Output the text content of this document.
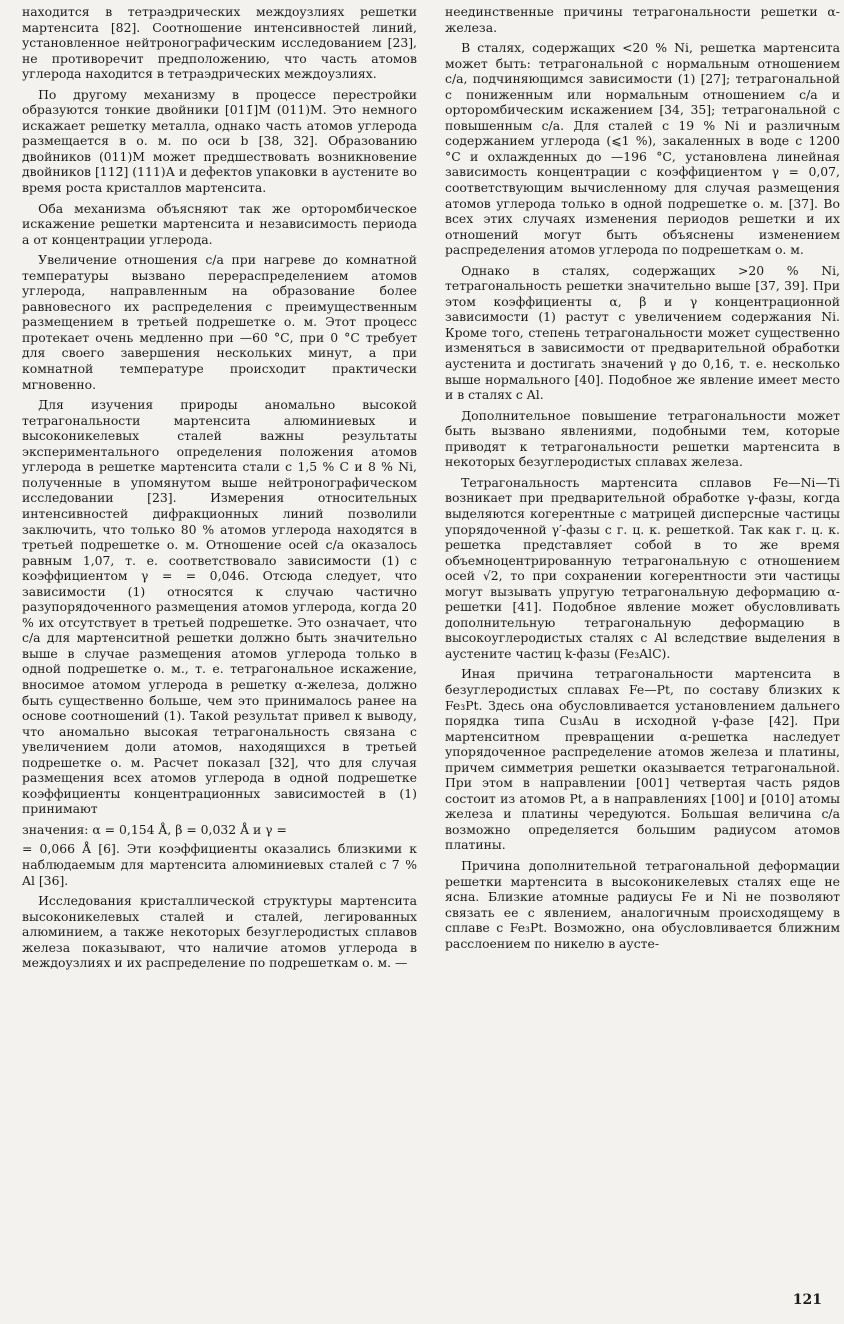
находится в тетраэдрических междоузлиях решетки мартенсита [82]. Соотношение интенсивностей линий, установленное нейтронографическим исследованием [23], не противоречит предположению, что часть атомов углерода находится в тетраэдрических междоузлиях.

По другому механизму в процессе перестройки образуются тонкие двойники [011̄]М (011)М. Это немного искажает решетку металла, однако часть атомов углерода размещается в о. м. по оси b [38, 32]. Образованию двойников (011)М может предшествовать возникновение двойников [112̄] (111)А и дефектов упаковки в аустените во время роста кристаллов мартенсита.

Оба механизма объясняют так же орторомбическое искажение решетки мартенсита и независимость периода a от концентрации углерода.

Увеличение отношения c/a при нагреве до комнатной температуры вызвано перераспределением атомов углерода, направленным на образование более равновесного их распределения с преимущественным размещением в третьей подрешетке о. м. Этот процесс протекает очень медленно при —60 °С, при 0 °С требует для своего завершения нескольких минут, а при комнатной температуре происходит практически мгновенно.

Для изучения природы аномально высокой тетрагональности мартенсита алюминиевых и высоконикелевых сталей важны результаты экспериментального определения положения атомов углерода в решетке мартенсита стали с 1,5 % С и 8 % Ni, полученные в упомянутом выше нейтронографическом исследовании [23]. Измерения относительных интенсивностей дифракционных линий позволили заключить, что только 80 % атомов углерода находятся в третьей подрешетке о. м. Отношение осей c/a оказалось равным 1,07, т. е. соответствовало зависимости (1) с коэффициентом γ = = 0,046. Отсюда следует, что зависимости (1) относятся к случаю частично разупорядоченного размещения атомов углерода, когда 20 % их отсутствует в третьей подрешетке. Это означает, что c/a для мартенситной решетки должно быть значительно выше в случае размещения атомов углерода только в одной подрешетке о. м., т. е. тетрагональное искажение, вносимое атомом углерода в решетку α-железа, должно быть существенно больше, чем это принималось ранее на основе соотношений (1). Такой результат привел к выводу, что аномально высокая тетрагональность связана с увеличением доли атомов, находящихся в третьей подрешетке о. м. Расчет показал [32], что для случая размещения всех атомов углерода в одной подрешетке коэффициенты концентрационных зависимостей в (1) принимают

значения: α = 0,154 Å, β = 0,032 Å и γ =

= 0,066 Å [6]. Эти коэффициенты оказались близкими к наблюдаемым для мартенсита алюминиевых сталей с 7 % Al [36].

Исследования кристаллической структуры мартенсита высоконикелевых сталей и сталей, легированных алюминием, а также некоторых безуглеродистых сплавов железа показывают, что наличие атомов углерода в междоузлиях и их распределение по подрешеткам о. м. —

неединственные причины тетрагональности решетки α-железа.

В сталях, содержащих <20 % Ni, решетка мартенсита может быть: тетрагональной с нормальным отношением c/a, подчиняющимся зависимости (1) [27]; тетрагональной с пониженным или нормальным отношением c/a и орторомбическим искажением [34, 35]; тетрагональной с повышенным c/a. Для сталей с 19 % Ni и различным содержанием углерода (⩽1 %), закаленных в воде с 1200 °С и охлажденных до —196 °С, установлена линейная зависимость концентрации с коэффициентом γ = 0,07, соответствующим вычисленному для случая размещения атомов углерода только в одной подрешетке о. м. [37]. Во всех этих случаях изменения периодов решетки и их отношений могут быть объяснены изменением распределения атомов углерода по подрешеткам о. м.

Однако в сталях, содержащих >20 % Ni, тетрагональность решетки значительно выше [37, 39]. При этом коэффициенты α, β и γ концентрационной зависимости (1) растут с увеличением содержания Ni. Кроме того, степень тетрагональности может существенно изменяться в зависимости от предварительной обработки аустенита и достигать значений γ до 0,16, т. е. несколько выше нормального [40]. Подобное же явление имеет место и в сталях с Al.

Дополнительное повышение тетрагональности может быть вызвано явлениями, подобными тем, которые приводят к тетрагональности решетки мартенсита в некоторых безуглеродистых сплавах железа.

Тетрагональность мартенсита сплавов Fe—Ni—Ti возникает при предварительной обработке γ-фазы, когда выделяются когерентные с матрицей дисперсные частицы упорядоченной γ′-фазы с г. ц. к. решеткой. Так как г. ц. к. решетка представляет собой в то же время объемноцентрированную тетрагональную с отношением осей √2, то при сохранении когерентности эти частицы могут вызывать упругую тетрагональную деформацию α-решетки [41]. Подобное явление может обусловливать дополнительную тетрагональную деформацию в высокоуглеродистых сталях с Al вследствие выделения в аустените частиц k-фазы (Fe₃AlC).

Иная причина тетрагональности мартенсита в безуглеродистых сплавах Fe—Pt, по составу близких к Fe₃Pt. Здесь она обусловливается установлением дальнего порядка типа Cu₃Au в исходной γ-фазе [42]. При мартенситном превращении α-решетка наследует упорядоченное распределение атомов железа и платины, причем симметрия решетки оказывается тетрагональной. При этом в направлении [001] четвертая часть рядов состоит из атомов Pt, а в направлениях [100] и [010] атомы железа и платины чередуются. Большая величина c/a возможно определяется большим радиусом атомов платины.

Причина дополнительной тетрагональной деформации решетки мартенсита в высоконикелевых сталях еще не ясна. Близкие атомные радиусы Fe и Ni не позволяют связать ее с явлением, аналогичным происходящему в сплаве с Fe₃Pt. Возможно, она обусловливается ближним расслоением по никелю в аусте-

121
